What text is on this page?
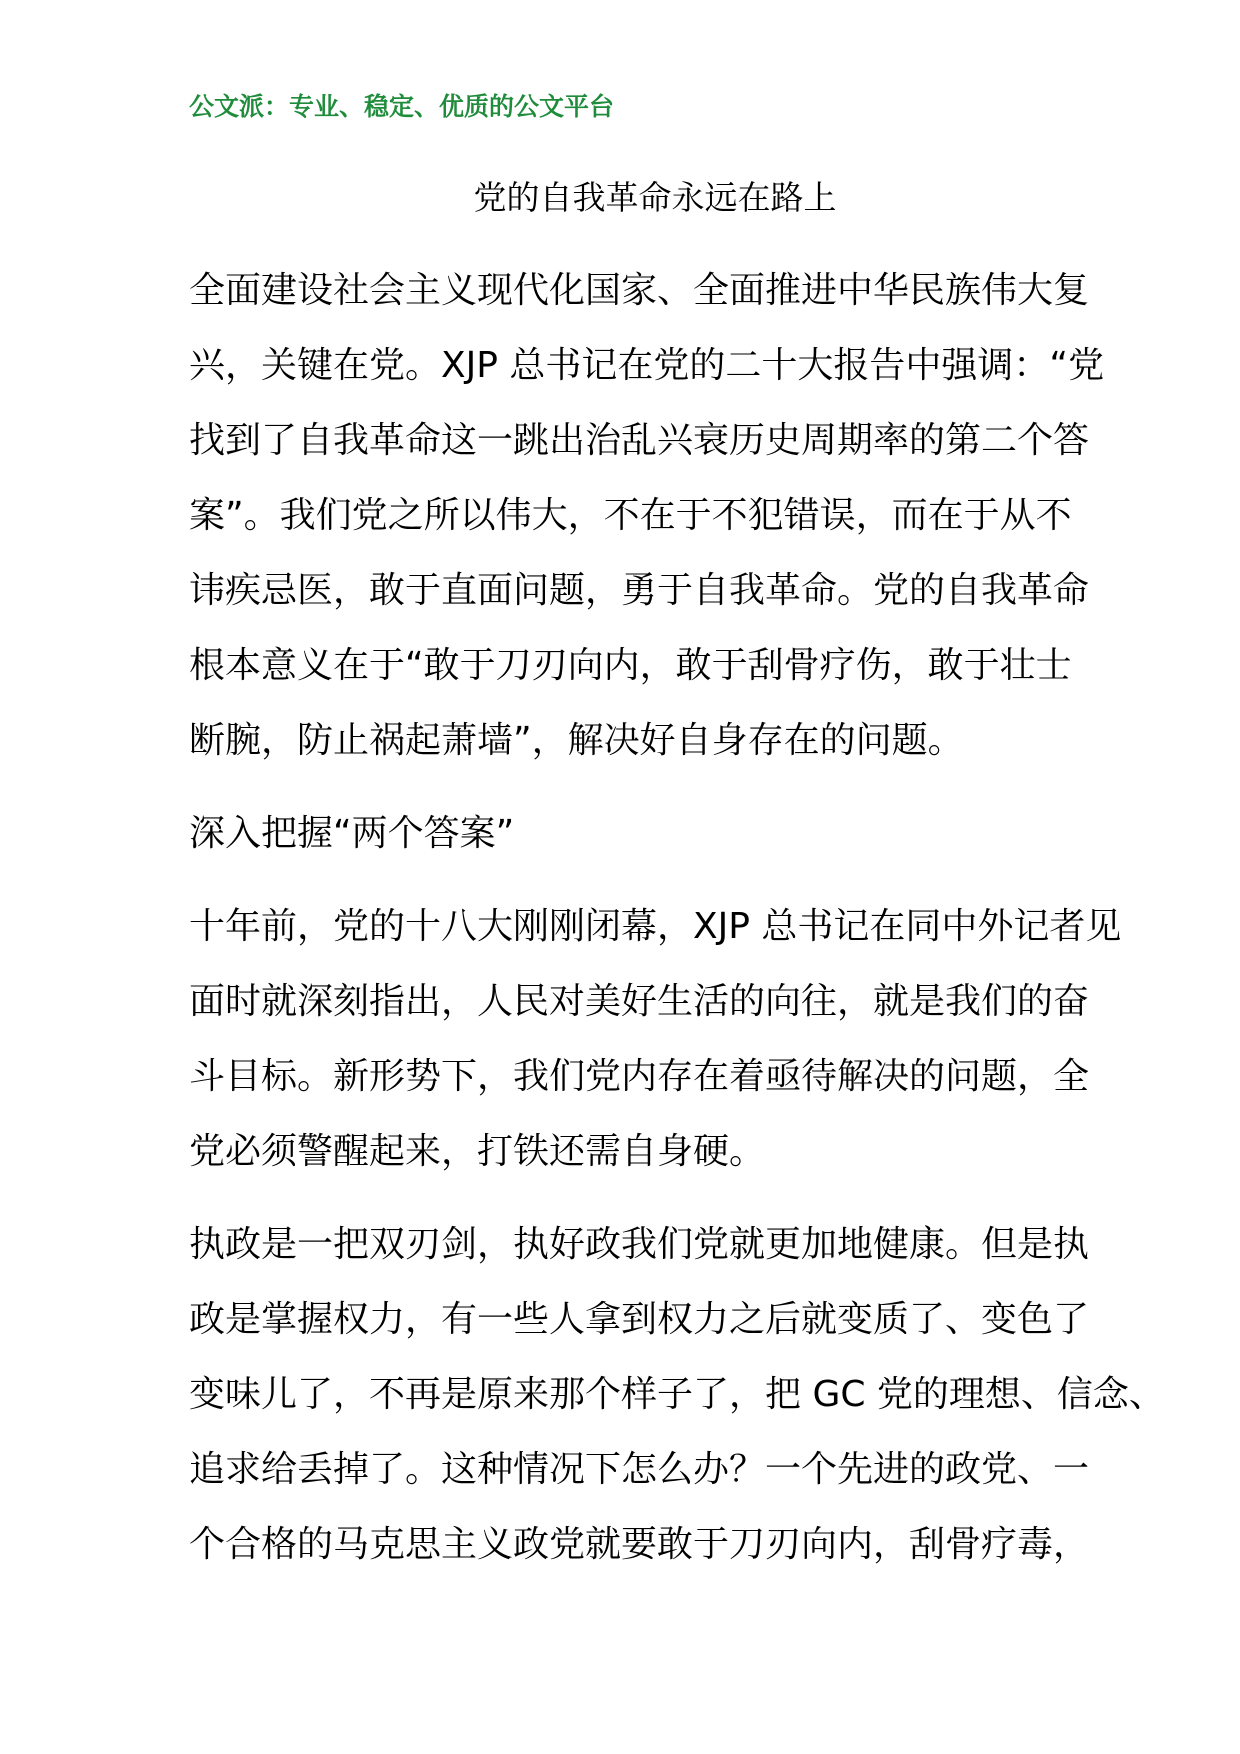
公文派：专业、稳定、优质的公文平台
党的自我革命永远在路上
全面建设社会主义现代化国家、全面推进中华民族伟大复
兴，关键在党。XJP 总书记在党的二十大报告中强调：“党
找到了自我革命这一跳出治乱兴衰历史周期率的第二个答
案”。我们党之所以伟大，不在于不犯错误，而在于从不
讳疾忌医，敢于直面问题，勇于自我革命。党的自我革命
根本意义在于“敢于刀刃向内，敢于刮骨疗伤，敢于壮士
断腕，防止祸起萧墙”，解决好自身存在的问题。
深入把握“两个答案”
十年前，党的十八大刚刚闭幕，XJP 总书记在同中外记者见
面时就深刻指出，人民对美好生活的向往，就是我们的奋
斗目标。新形势下，我们党内存在着亟待解决的问题，全
党必须警醒起来，打铁还需自身硬。
执政是一把双刃剑，执好政我们党就更加地健康。但是执
政是掌握权力，有一些人拿到权力之后就变质了、变色了
变味儿了，不再是原来那个样子了，把 GC 党的理想、信念、
追求给丢掉了。这种情况下怎么办？一个先进的政党、一
个合格的马克思主义政党就要敢于刀刃向内，刮骨疗毒，
